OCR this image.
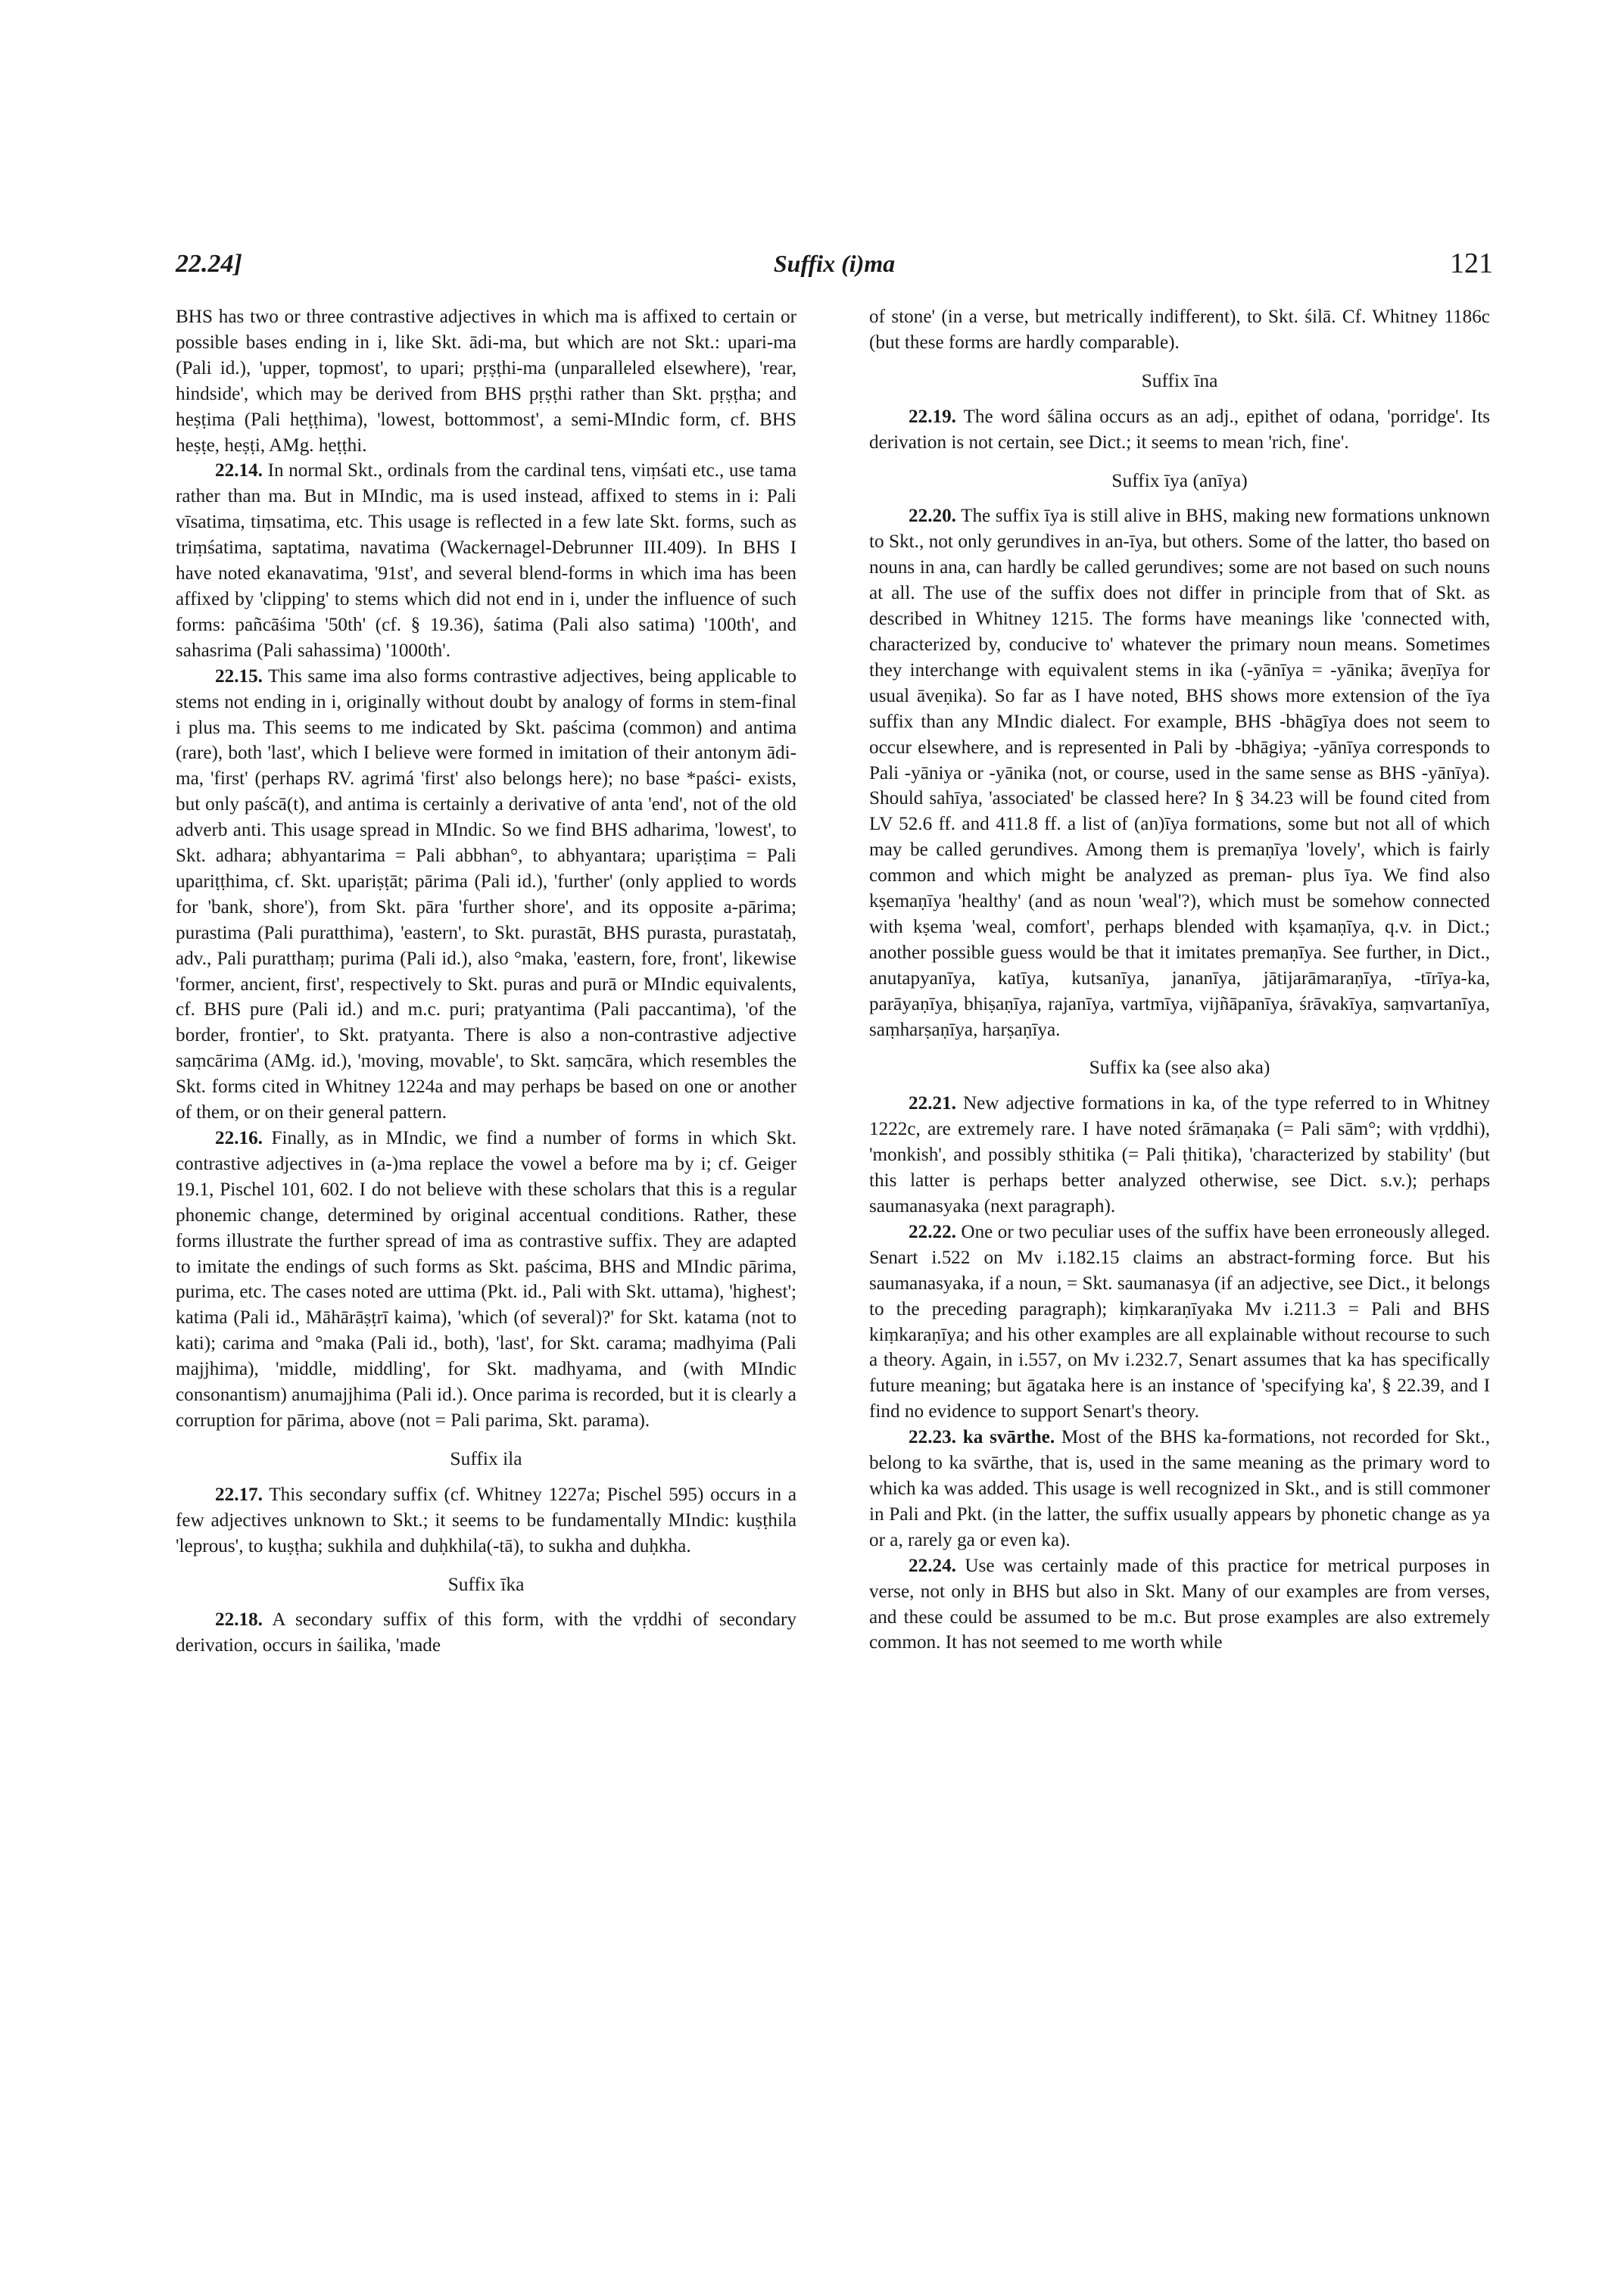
22.24]	Suffix (i)ma	121

BHS has two or three contrastive adjectives in which ma is affixed to certain or possible bases ending in i, like Skt. ādi-ma, but which are not Skt.: upari-ma (Pali id.), 'upper, topmost', to upari; pṛṣṭhi-ma (unparalleled elsewhere), 'rear, hindside', which may be derived from BHS pṛṣṭhi rather than Skt. pṛṣṭha; and heṣṭima (Pali heṭṭhima), 'lowest, bottommost', a semi-MIndic form, cf. BHS heṣṭe, heṣṭi, AMg. heṭṭhi.

22.14. In normal Skt., ordinals from the cardinal tens, viṃśati etc., use tama rather than ma. But in MIndic, ma is used instead, affixed to stems in i: Pali vīsatima, tiṃsatima, etc. This usage is reflected in a few late Skt. forms, such as triṃśatima, saptatima, navatima (Wackernagel-Debrunner III.409). In BHS I have noted ekanavatima, '91st', and several blend-forms in which ima has been affixed by 'clipping' to stems which did not end in i, under the influence of such forms: pañcāśima '50th' (cf. § 19.36), śatima (Pali also satima) '100th', and sahasrima (Pali sahassima) '1000th'.

22.15. This same ima also forms contrastive adjectives, being applicable to stems not ending in i, originally without doubt by analogy of forms in stem-final i plus ma. This seems to me indicated by Skt. paścima (common) and antima (rare), both 'last', which I believe were formed in imitation of their antonym ādi-ma, 'first' (perhaps RV. agrimá 'first' also belongs here); no base *paści- exists, but only paścā(t), and antima is certainly a derivative of anta 'end', not of the old adverb anti. This usage spread in MIndic. So we find BHS adharima, 'lowest', to Skt. adhara; abhyantarima = Pali abbhan°, to abhyantara; upariṣṭima = Pali upariṭṭhima, cf. Skt. upariṣṭāt; pārima (Pali id.), 'further' (only applied to words for 'bank, shore'), from Skt. pāra 'further shore', and its opposite a-pārima; purastima (Pali puratthima), 'eastern', to Skt. purastāt, BHS purasta, purastataḥ, adv., Pali puratthaṃ; purima (Pali id.), also °maka, 'eastern, fore, front', likewise 'former, ancient, first', respectively to Skt. puras and purā or MIndic equivalents, cf. BHS pure (Pali id.) and m.c. puri; pratyantima (Pali paccantima), 'of the border, frontier', to Skt. pratyanta. There is also a non-contrastive adjective saṃcārima (AMg. id.), 'moving, movable', to Skt. saṃcāra, which resembles the Skt. forms cited in Whitney 1224a and may perhaps be based on one or another of them, or on their general pattern.

22.16. Finally, as in MIndic, we find a number of forms in which Skt. contrastive adjectives in (a-)ma replace the vowel a before ma by i; cf. Geiger 19.1, Pischel 101, 602. I do not believe with these scholars that this is a regular phonemic change, determined by original accentual conditions. Rather, these forms illustrate the further spread of ima as contrastive suffix. They are adapted to imitate the endings of such forms as Skt. paścima, BHS and MIndic pārima, purima, etc. The cases noted are uttima (Pkt. id., Pali with Skt. uttama), 'highest'; katima (Pali id., Māhārāṣṭrī kaima), 'which (of several)?' for Skt. katama (not to kati); carima and °maka (Pali id., both), 'last', for Skt. carama; madhyima (Pali majjhima), 'middle, middling', for Skt. madhyama, and (with MIndic consonantism) anumajjhima (Pali id.). Once parima is recorded, but it is clearly a corruption for pārima, above (not = Pali parima, Skt. parama).

Suffix ila

22.17. This secondary suffix (cf. Whitney 1227a; Pischel 595) occurs in a few adjectives unknown to Skt.; it seems to be fundamentally MIndic: kuṣṭhila 'leprous', to kuṣṭha; sukhila and duḥkhila(-tā), to sukha and duḥkha.

Suffix īka

22.18. A secondary suffix of this form, with the vṛddhi of secondary derivation, occurs in śailika, 'made

of stone' (in a verse, but metrically indifferent), to Skt. śilā. Cf. Whitney 1186c (but these forms are hardly comparable).

Suffix īna

22.19. The word śālina occurs as an adj., epithet of odana, 'porridge'. Its derivation is not certain, see Dict.; it seems to mean 'rich, fine'.

Suffix īya (anīya)

22.20. The suffix īya is still alive in BHS, making new formations unknown to Skt., not only gerundives in an-īya, but others. Some of the latter, tho based on nouns in ana, can hardly be called gerundives; some are not based on such nouns at all. The use of the suffix does not differ in principle from that of Skt. as described in Whitney 1215. The forms have meanings like 'connected with, characterized by, conducive to' whatever the primary noun means. Sometimes they interchange with equivalent stems in ika (-yānīya = -yānika; āveṇīya for usual āveṇika). So far as I have noted, BHS shows more extension of the īya suffix than any MIndic dialect. For example, BHS -bhāgīya does not seem to occur elsewhere, and is represented in Pali by -bhāgiya; -yānīya corresponds to Pali -yāniya or -yānika (not, or course, used in the same sense as BHS -yānīya). Should sahīya, 'associated' be classed here? In § 34.23 will be found cited from LV 52.6 ff. and 411.8 ff. a list of (an)īya formations, some but not all of which may be called gerundives. Among them is premaṇīya 'lovely', which is fairly common and which might be analyzed as preman- plus īya. We find also kṣemaṇīya 'healthy' (and as noun 'weal'?), which must be somehow connected with kṣema 'weal, comfort', perhaps blended with kṣamaṇīya, q.v. in Dict.; another possible guess would be that it imitates premaṇīya. See further, in Dict., anutapyanīya, katīya, kutsanīya, jananīya, jātijarāmaraṇīya, -tīrīya-ka, parāyaṇīya, bhiṣaṇīya, rajanīya, vartmīya, vijñāpanīya, śrāvakīya, saṃvartanīya, saṃharṣaṇīya, harṣaṇīya.

Suffix ka (see also aka)

22.21. New adjective formations in ka, of the type referred to in Whitney 1222c, are extremely rare. I have noted śrāmaṇaka (= Pali sām°; with vṛddhi), 'monkish', and possibly sthitika (= Pali ṭhitika), 'characterized by stability' (but this latter is perhaps better analyzed otherwise, see Dict. s.v.); perhaps saumanasyaka (next paragraph).

22.22. One or two peculiar uses of the suffix have been erroneously alleged. Senart i.522 on Mv i.182.15 claims an abstract-forming force. But his saumanasyaka, if a noun, = Skt. saumanasya (if an adjective, see Dict., it belongs to the preceding paragraph); kiṃkaraṇīyaka Mv i.211.3 = Pali and BHS kiṃkaraṇīya; and his other examples are all explainable without recourse to such a theory. Again, in i.557, on Mv i.232.7, Senart assumes that ka has specifically future meaning; but āgataka here is an instance of 'specifying ka', § 22.39, and I find no evidence to support Senart's theory.

22.23. ka svārthe. Most of the BHS ka-formations, not recorded for Skt., belong to ka svārthe, that is, used in the same meaning as the primary word to which ka was added. This usage is well recognized in Skt., and is still commoner in Pali and Pkt. (in the latter, the suffix usually appears by phonetic change as ya or a, rarely ga or even ka).

22.24. Use was certainly made of this practice for metrical purposes in verse, not only in BHS but also in Skt. Many of our examples are from verses, and these could be assumed to be m.c. But prose examples are also extremely common. It has not seemed to me worth while
